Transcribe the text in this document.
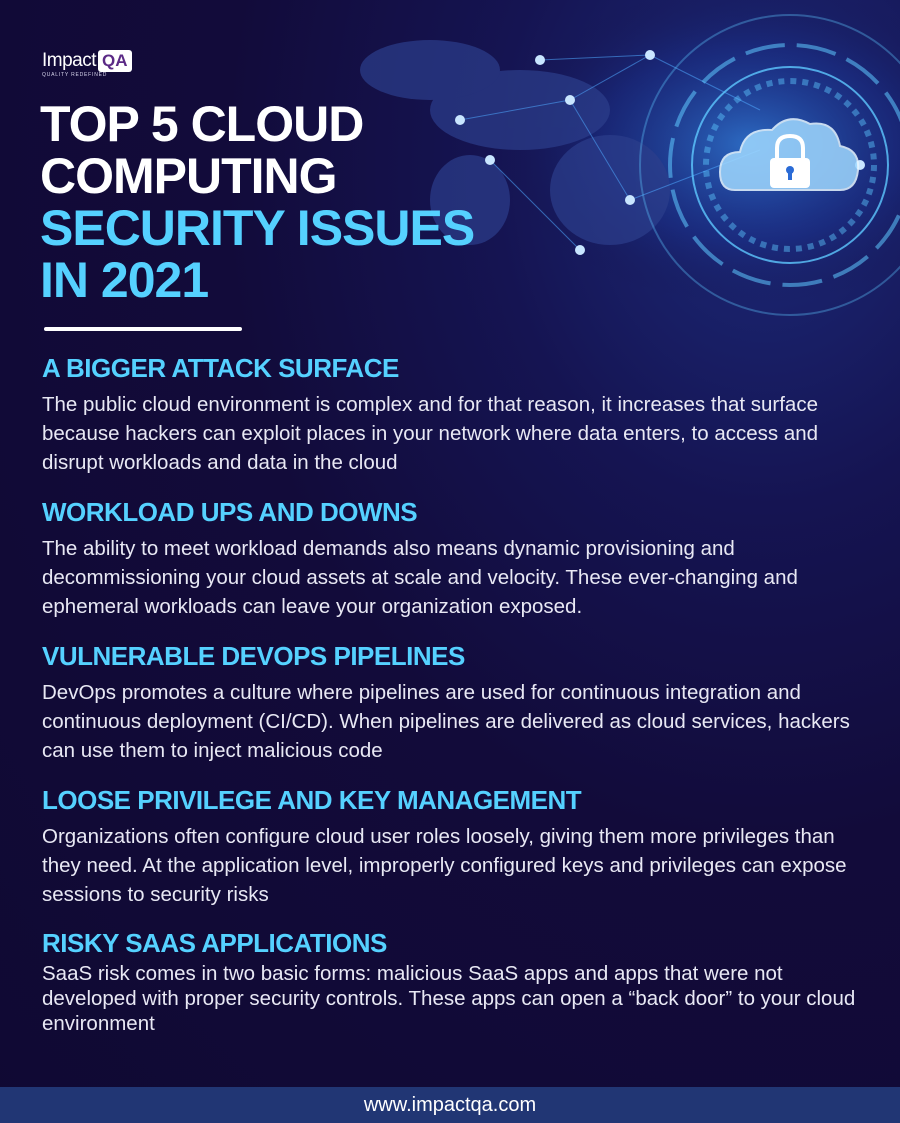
Impact QA
QUALITY REDEFINED
TOP 5 CLOUD
COMPUTING
SECURITY ISSUES
IN 2021
A BIGGER ATTACK SURFACE

The public cloud environment is complex and for that reason, it increases that surface because hackers can exploit places in your network where data enters, to access and disrupt workloads and data in the cloud

WORKLOAD UPS AND DOWNS

The ability to meet workload demands also means dynamic provisioning and decommissioning your cloud assets at scale and velocity. These ever-changing and ephemeral workloads can leave your organization exposed.

VULNERABLE DEVOPS PIPELINES

DevOps promotes a culture where pipelines are used for continuous integration and continuous deployment (CI/CD). When pipelines are delivered as cloud services, hackers can use them to inject malicious code

LOOSE PRIVILEGE AND KEY MANAGEMENT

Organizations often configure cloud user roles loosely, giving them more privileges than they need. At the application level, improperly configured keys and privileges can expose sessions to security risks

RISKY SAAS APPLICATIONS

SaaS risk comes in two basic forms: malicious SaaS apps and apps that were not developed with proper security controls. These apps can open a “back door” to your cloud environment

www.impactqa.com
